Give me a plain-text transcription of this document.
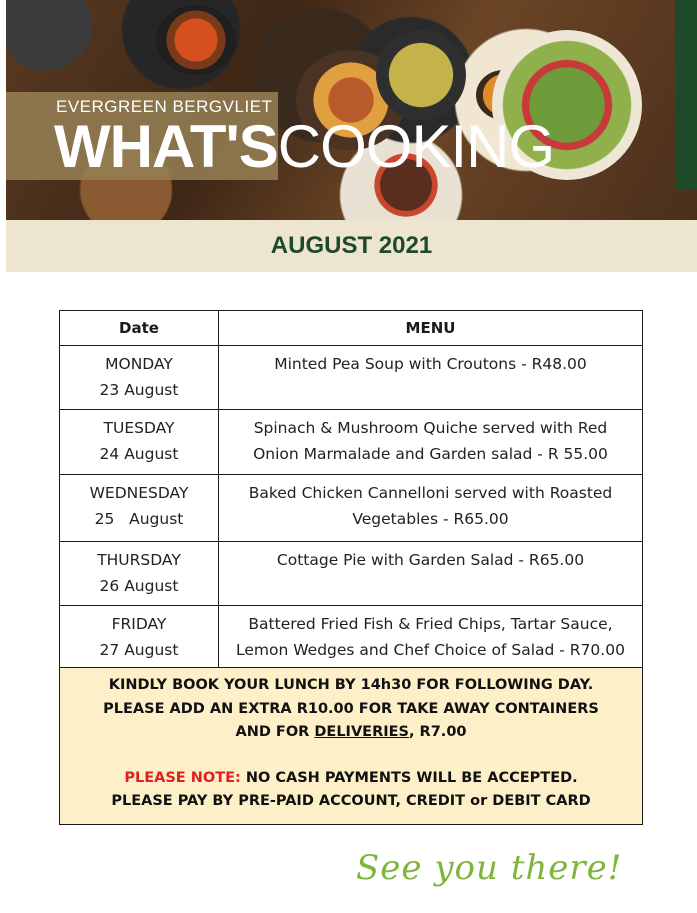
EVERGREEN BERGVLIET
WHAT'SCOOKING
AUGUST 2021
Date	MENU

MONDAY
23 August	Minted Pea Soup with Croutons - R48.00

TUESDAY
24 August	Spinach & Mushroom Quiche served with Red Onion Marmalade and Garden salad - R 55.00

WEDNESDAY
25   August	Baked Chicken Cannelloni served with Roasted Vegetables - R65.00

THURSDAY
26 August	Cottage Pie with Garden Salad - R65.00

FRIDAY
27 August	Battered Fried Fish & Fried Chips, Tartar Sauce, Lemon Wedges and Chef Choice of Salad - R70.00
KINDLY BOOK YOUR LUNCH BY 14h30 FOR FOLLOWING DAY.
PLEASE ADD AN EXTRA R10.00 FOR TAKE AWAY CONTAINERS
AND FOR DELIVERIES, R7.00
PLEASE NOTE: NO CASH PAYMENTS WILL BE ACCEPTED.
PLEASE PAY BY PRE-PAID ACCOUNT, CREDIT or DEBIT CARD
See you there!
